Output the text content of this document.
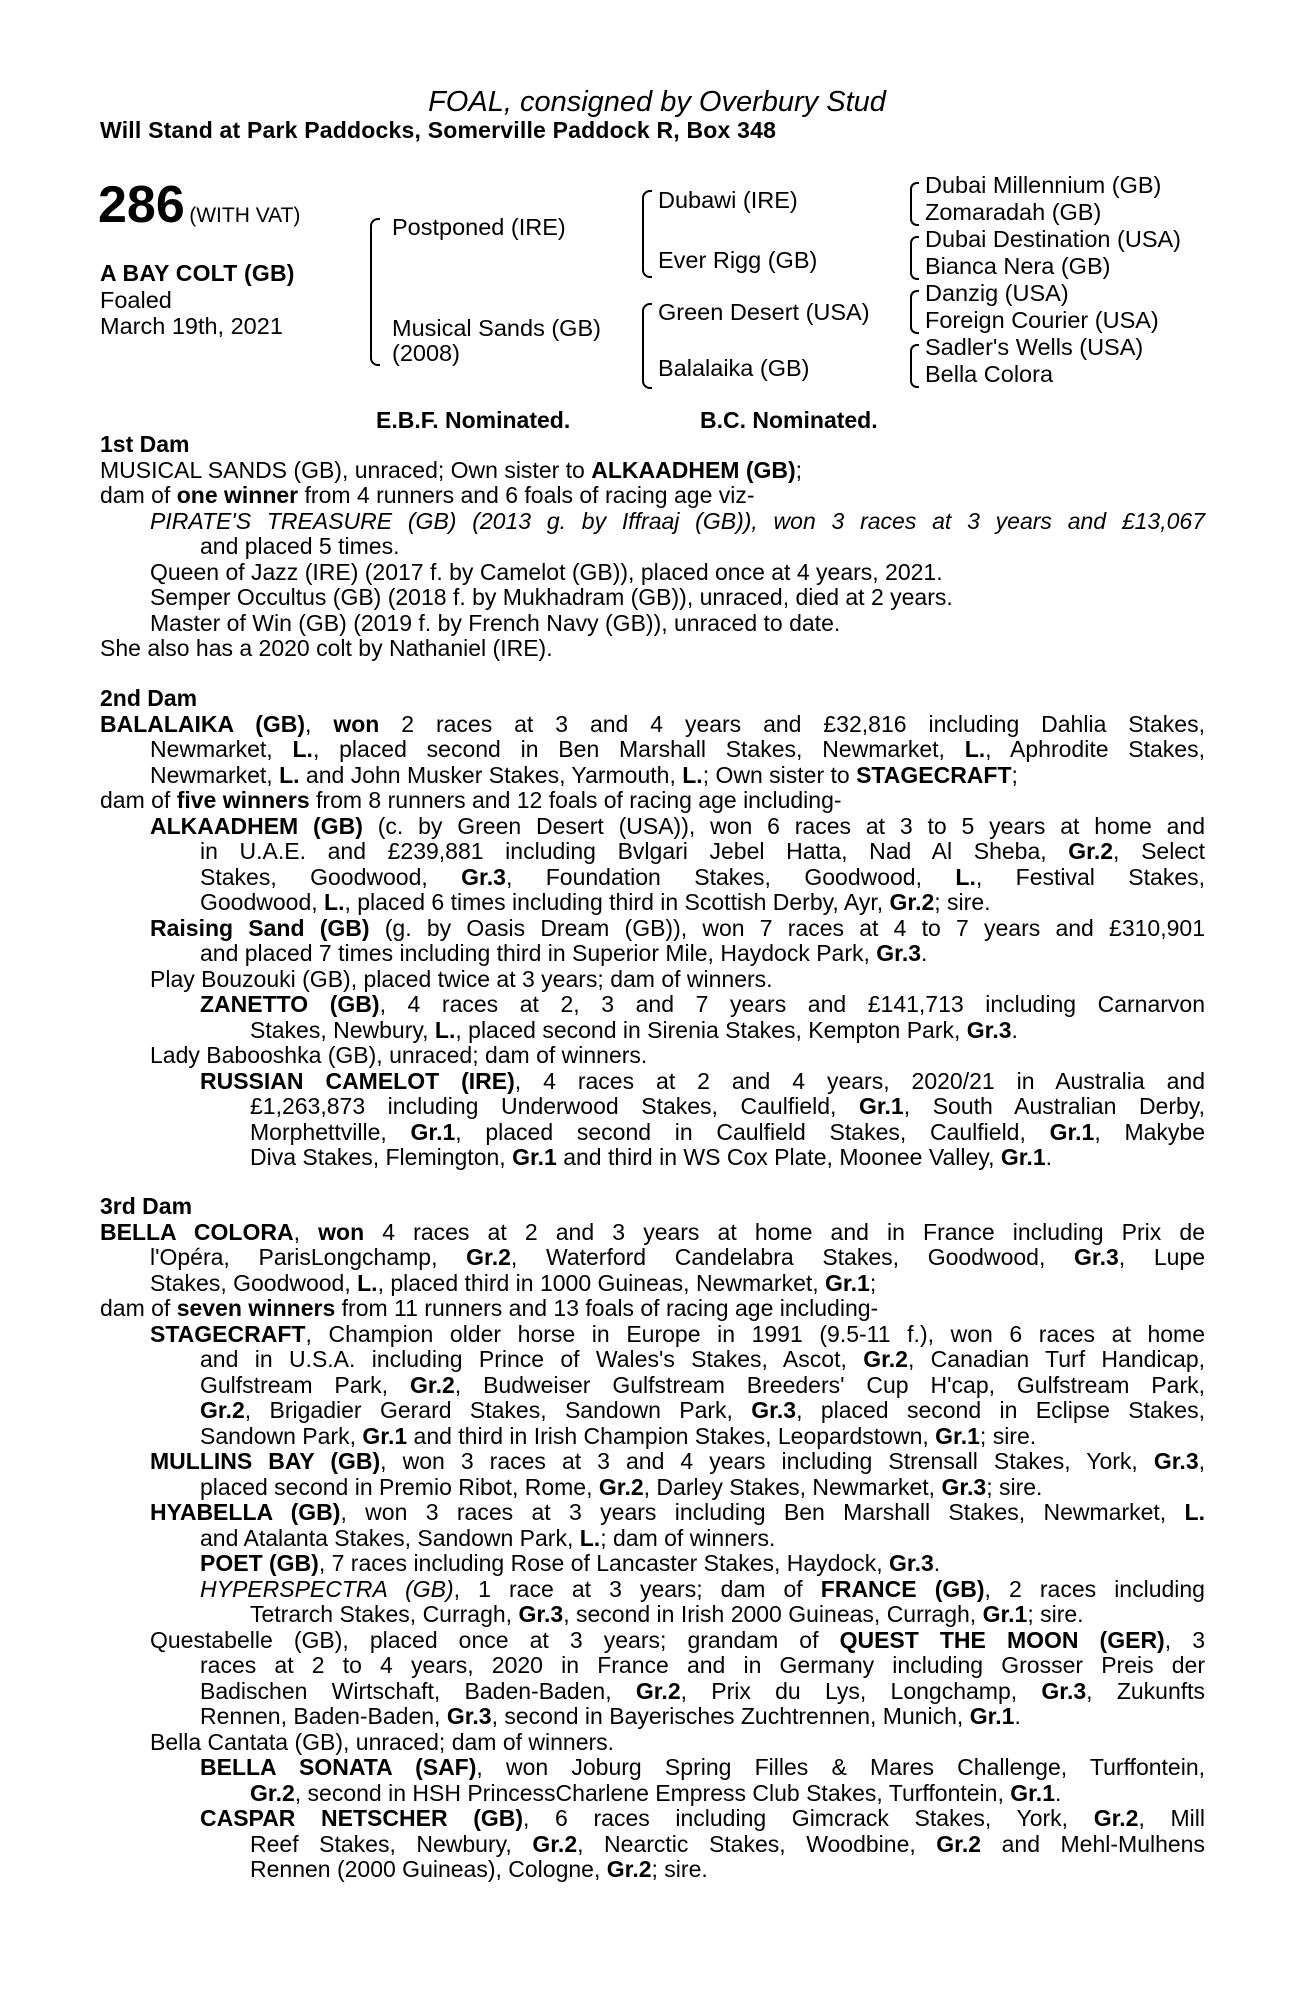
FOAL, consigned by Overbury Stud
Will Stand at Park Paddocks, Somerville Paddock R, Box 348
286 (WITH VAT)
A BAY COLT (GB)
Foaled
March 19th, 2021
Postponed (IRE)
Musical Sands (GB)
(2008)
Dubawi (IRE)
Ever Rigg (GB)
Green Desert (USA)
Balalaika (GB)
Dubai Millennium (GB)
Zomaradah (GB)
Dubai Destination (USA)
Bianca Nera (GB)
Danzig (USA)
Foreign Courier (USA)
Sadler's Wells (USA)
Bella Colora
E.B.F. Nominated.	B.C. Nominated.
1st Dam
MUSICAL SANDS (GB), unraced; Own sister to ALKAADHEM (GB);
dam of one winner from 4 runners and 6 foals of racing age viz-
PIRATE'S TREASURE (GB) (2013 g. by Iffraaj (GB)), won 3 races at 3 years and £13,067
and placed 5 times.
Queen of Jazz (IRE) (2017 f. by Camelot (GB)), placed once at 4 years, 2021.
Semper Occultus (GB) (2018 f. by Mukhadram (GB)), unraced, died at 2 years.
Master of Win (GB) (2019 f. by French Navy (GB)), unraced to date.
She also has a 2020 colt by Nathaniel (IRE).
2nd Dam
BALALAIKA (GB), won 2 races at 3 and 4 years and £32,816 including Dahlia Stakes,
Newmarket, L., placed second in Ben Marshall Stakes, Newmarket, L., Aphrodite Stakes,
Newmarket, L. and John Musker Stakes, Yarmouth, L.; Own sister to STAGECRAFT;
dam of five winners from 8 runners and 12 foals of racing age including-
ALKAADHEM (GB) (c. by Green Desert (USA)), won 6 races at 3 to 5 years at home and
in U.A.E. and £239,881 including Bvlgari Jebel Hatta, Nad Al Sheba, Gr.2, Select
Stakes, Goodwood, Gr.3, Foundation Stakes, Goodwood, L., Festival Stakes,
Goodwood, L., placed 6 times including third in Scottish Derby, Ayr, Gr.2; sire.
Raising Sand (GB) (g. by Oasis Dream (GB)), won 7 races at 4 to 7 years and £310,901
and placed 7 times including third in Superior Mile, Haydock Park, Gr.3.
Play Bouzouki (GB), placed twice at 3 years; dam of winners.
ZANETTO (GB), 4 races at 2, 3 and 7 years and £141,713 including Carnarvon
Stakes, Newbury, L., placed second in Sirenia Stakes, Kempton Park, Gr.3.
Lady Babooshka (GB), unraced; dam of winners.
RUSSIAN CAMELOT (IRE), 4 races at 2 and 4 years, 2020/21 in Australia and
£1,263,873 including Underwood Stakes, Caulfield, Gr.1, South Australian Derby,
Morphettville, Gr.1, placed second in Caulfield Stakes, Caulfield, Gr.1, Makybe
Diva Stakes, Flemington, Gr.1 and third in WS Cox Plate, Moonee Valley, Gr.1.
3rd Dam
BELLA COLORA, won 4 races at 2 and 3 years at home and in France including Prix de
l'Opéra, ParisLongchamp, Gr.2, Waterford Candelabra Stakes, Goodwood, Gr.3, Lupe
Stakes, Goodwood, L., placed third in 1000 Guineas, Newmarket, Gr.1;
dam of seven winners from 11 runners and 13 foals of racing age including-
STAGECRAFT, Champion older horse in Europe in 1991 (9.5-11 f.), won 6 races at home
and in U.S.A. including Prince of Wales's Stakes, Ascot, Gr.2, Canadian Turf Handicap,
Gulfstream Park, Gr.2, Budweiser Gulfstream Breeders' Cup H'cap, Gulfstream Park,
Gr.2, Brigadier Gerard Stakes, Sandown Park, Gr.3, placed second in Eclipse Stakes,
Sandown Park, Gr.1 and third in Irish Champion Stakes, Leopardstown, Gr.1; sire.
MULLINS BAY (GB), won 3 races at 3 and 4 years including Strensall Stakes, York, Gr.3,
placed second in Premio Ribot, Rome, Gr.2, Darley Stakes, Newmarket, Gr.3; sire.
HYABELLA (GB), won 3 races at 3 years including Ben Marshall Stakes, Newmarket, L.
and Atalanta Stakes, Sandown Park, L.; dam of winners.
POET (GB), 7 races including Rose of Lancaster Stakes, Haydock, Gr.3.
HYPERSPECTRA (GB), 1 race at 3 years; dam of FRANCE (GB), 2 races including
Tetrarch Stakes, Curragh, Gr.3, second in Irish 2000 Guineas, Curragh, Gr.1; sire.
Questabelle (GB), placed once at 3 years; grandam of QUEST THE MOON (GER), 3
races at 2 to 4 years, 2020 in France and in Germany including Grosser Preis der
Badischen Wirtschaft, Baden-Baden, Gr.2, Prix du Lys, Longchamp, Gr.3, Zukunfts
Rennen, Baden-Baden, Gr.3, second in Bayerisches Zuchtrennen, Munich, Gr.1.
Bella Cantata (GB), unraced; dam of winners.
BELLA SONATA (SAF), won Joburg Spring Filles & Mares Challenge, Turffontein,
Gr.2, second in HSH PrincessCharlene Empress Club Stakes, Turffontein, Gr.1.
CASPAR NETSCHER (GB), 6 races including Gimcrack Stakes, York, Gr.2, Mill
Reef Stakes, Newbury, Gr.2, Nearctic Stakes, Woodbine, Gr.2 and Mehl-Mulhens
Rennen (2000 Guineas), Cologne, Gr.2; sire.
